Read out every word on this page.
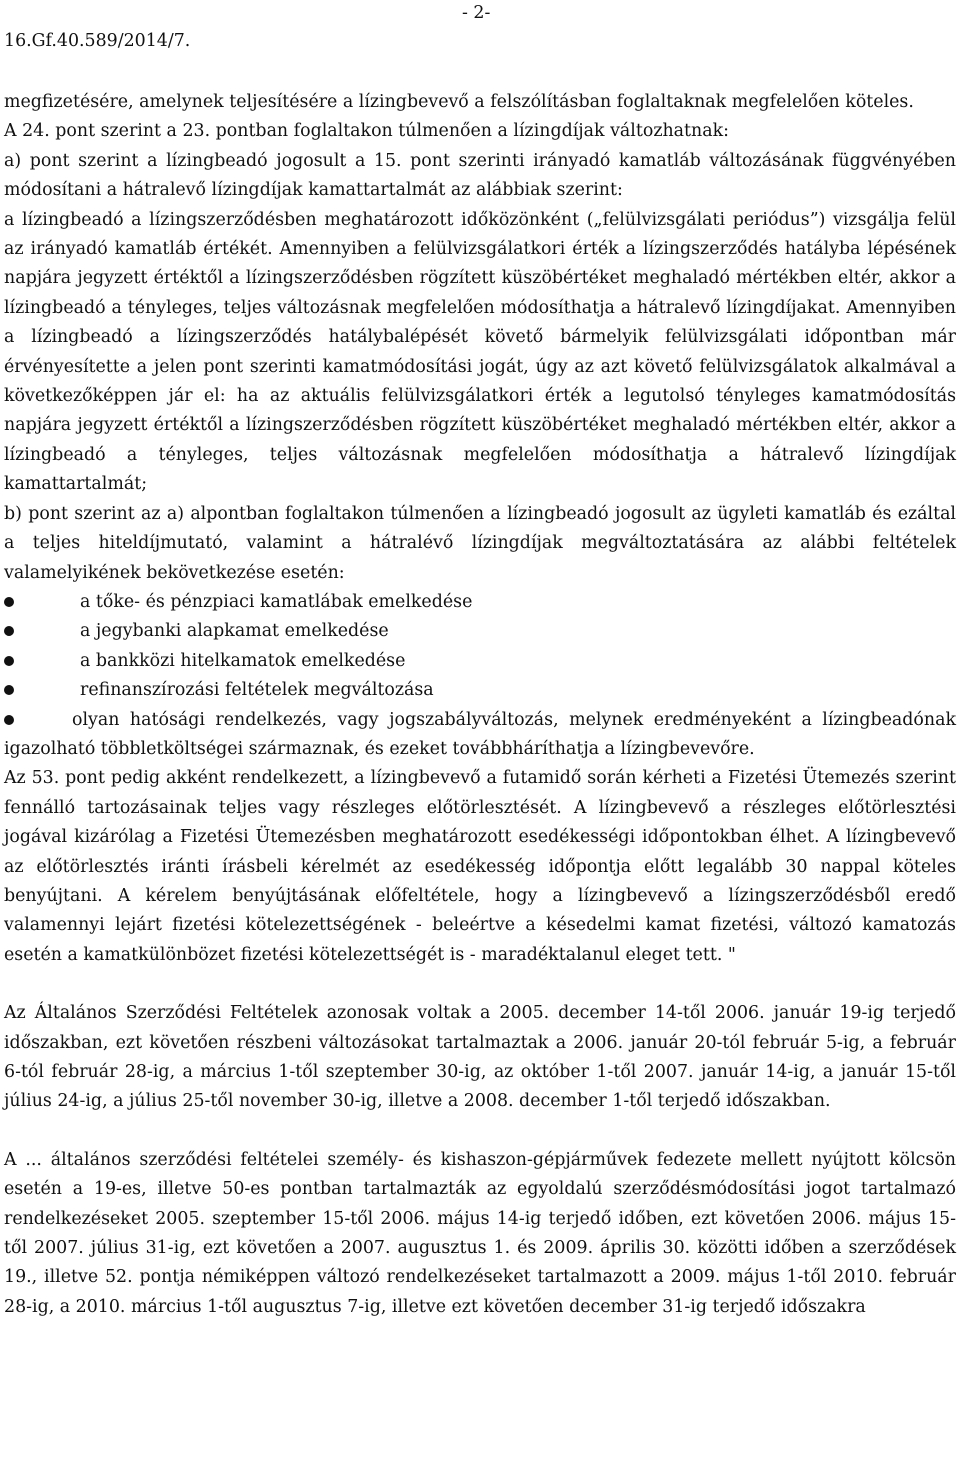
- 2-

16.Gf.40.589/2014/7.

megfizetésére, amelynek teljesítésére a lízingbevevő a felszólításban foglaltaknak megfelelően köteles.

A 24. pont szerint a 23. pontban foglaltakon túlmenően a lízingdíjak változhatnak:

a) pont szerint a lízingbeadó jogosult a 15. pont szerinti irányadó kamatláb változásának függvényében módosítani a hátralevő lízingdíjak kamattartalmát az alábbiak szerint:

a lízingbeadó a lízingszerződésben meghatározott időközönként („felülvizsgálati periódus”) vizsgálja felül az irányadó kamatláb értékét. Amennyiben a felülvizsgálatkori érték a lízingszerződés hatályba lépésének napjára jegyzett értéktől a lízingszerződésben rögzített küszöbértéket meghaladó mértékben eltér, akkor a lízingbeadó a tényleges, teljes változásnak megfelelően módosíthatja a hátralevő lízingdíjakat. Amennyiben a lízingbeadó a lízingszerződés hatálybalépését követő bármelyik felülvizsgálati időpontban már érvényesítette a jelen pont szerinti kamatmódosítási jogát, úgy az azt követő felülvizsgálatok alkalmával a következőképpen jár el: ha az aktuális felülvizsgálatkori érték a legutolsó tényleges kamatmódosítás napjára jegyzett értéktől a lízingszerződésben rögzített küszöbértéket meghaladó mértékben eltér, akkor a lízingbeadó a tényleges, teljes változásnak megfelelően módosíthatja a hátralevő lízingdíjak kamattartalmát;

b) pont szerint az a) alpontban foglaltakon túlmenően a lízingbeadó jogosult az ügyleti kamatláb és ezáltal a teljes hiteldíjmutató, valamint a hátralévő lízingdíjak megváltoztatására az alábbi feltételek valamelyikének bekövetkezése esetén:

a tőke- és pénzpiaci kamatlábak emelkedése
a jegybanki alapkamat emelkedése
a bankközi hitelkamatok emelkedése
refinanszírozási feltételek megváltozása
olyan hatósági rendelkezés, vagy jogszabályváltozás, melynek eredményeként a lízingbeadónak igazolható többletköltségei származnak, és ezeket továbbháríthatja a lízingbevevőre.

Az 53. pont pedig akként rendelkezett, a lízingbevevő a futamidő során kérheti a Fizetési Ütemezés szerint fennálló tartozásainak teljes vagy részleges előtörlesztését. A lízingbevevő a részleges előtörlesztési jogával kizárólag a Fizetési Ütemezésben meghatározott esedékességi időpontokban élhet. A lízingbevevő az előtörlesztés iránti írásbeli kérelmét az esedékesség időpontja előtt legalább 30 nappal köteles benyújtani. A kérelem benyújtásának előfeltétele, hogy a lízingbevevő a lízingszerződésből eredő valamennyi lejárt fizetési kötelezettségének - beleértve a késedelmi kamat fizetési, változó kamatozás esetén a kamatkülönbözet fizetési kötelezettségét is - maradéktalanul eleget tett. "

Az Általános Szerződési Feltételek azonosak voltak a 2005. december 14-től 2006. január 19-ig terjedő időszakban, ezt követően részbeni változásokat tartalmaztak a 2006. január 20-tól február 5-ig, a február 6-tól február 28-ig, a március 1-től szeptember 30-ig, az október 1-től 2007. január 14-ig, a január 15-től július 24-ig, a július 25-től november 30-ig, illetve a 2008. december 1-től terjedő időszakban.

A ... általános szerződési feltételei személy- és kishaszon-gépjárművek fedezete mellett nyújtott kölcsön esetén a 19-es, illetve 50-es pontban tartalmazták az egyoldalú szerződésmódosítási jogot tartalmazó rendelkezéseket 2005. szeptember 15-től 2006. május 14-ig terjedő időben, ezt követően 2006. május 15-től 2007. július 31-ig, ezt követően a 2007. augusztus 1. és 2009. április 30. közötti időben a szerződések 19., illetve 52. pontja némiképpen változó rendelkezéseket tartalmazott a 2009. május 1-től 2010. február 28-ig, a 2010. március 1-től augusztus 7-ig, illetve ezt követően december 31-ig terjedő időszakra
